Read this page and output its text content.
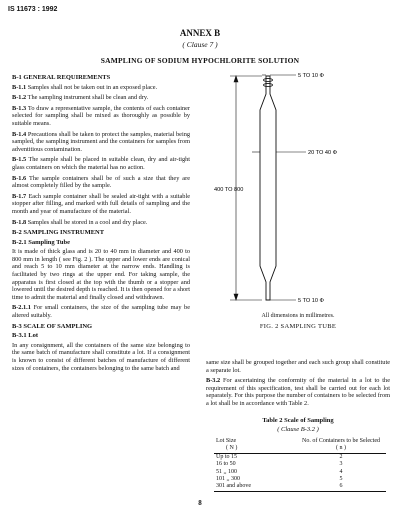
IS 11673 : 1992
ANNEX B
( Clause 7 )
SAMPLING OF SODIUM HYPOCHLORITE SOLUTION
B-1 GENERAL REQUIREMENTS

B-1.1 Samples shall not be taken out in an exposed place.

B-1.2 The sampling instrument shall be clean and dry.

B-1.3 To draw a representative sample, the contents of each container selected for sampling shall be mixed as thoroughly as possible by suitable means.

B-1.4 Precautions shall be taken to protect the samples, material being sampled, the sampling instrument and the containers for samples from adventitious contamination.

B-1.5 The sample shall be placed in suitable clean, dry and air-tight glass containers on which the material has no action.

B-1.6 The sample containers shall be of such a size that they are almost completely filled by the sample.

B-1.7 Each sample container shall be sealed air-tight with a suitable stopper after filling, and marked with full details of sampling and the month and year of manufacture of the material.

B-1.8 Samples shall be stored in a cool and dry place.

B-2 SAMPLING INSTRUMENT
B-2.1 Sampling Tube

It is made of thick glass and is 20 to 40 mm in diameter and 400 to 800 mm in length ( see Fig. 2 ). The upper and lower ends are conical and reach 5 to 10 mm diameter at the narrow ends. Handling is facilitated by two rings at the upper end. For taking sample, the apparatus is first closed at the top with the thumb or a stopper and lowered until the desired depth is reached. It is then opened for a short time to admit the material and finally closed and withdrawn.

B-2.1.1 For small containers, the size of the sampling tube may be altered suitably.

B-3 SCALE OF SAMPLING
B-3.1 Lot

In any consignment, all the containers of the same size belonging to the same batch of manufacture shall constitute a lot. If a consignment is known to consist of different batches of manufacture of different sizes of containers, the containers belonging to the same batch and

5 TO 10 Φ
20 TO 40 Φ
400 TO 800
5 TO 10 Φ
All dimensions in millimetres.
FIG. 2 SAMPLING TUBE

same size shall be grouped together and each such group shall constitute a separate lot.

B-3.2 For ascertaining the conformity of the material in a lot to the requirement of this specification, test shall be carried out for each lot separately. For this purpose the number of containers to be selected from a lot shall be in accordance with Table 2.

Table 2 Scale of Sampling
( Clause B-3.2 )
Lot Size
( N )	No. of Containers to be Selected
( n )
Up to 15	2
16 to 50	3
51 ,, 100	4
101 ,, 300	5
301 and above	6
8
